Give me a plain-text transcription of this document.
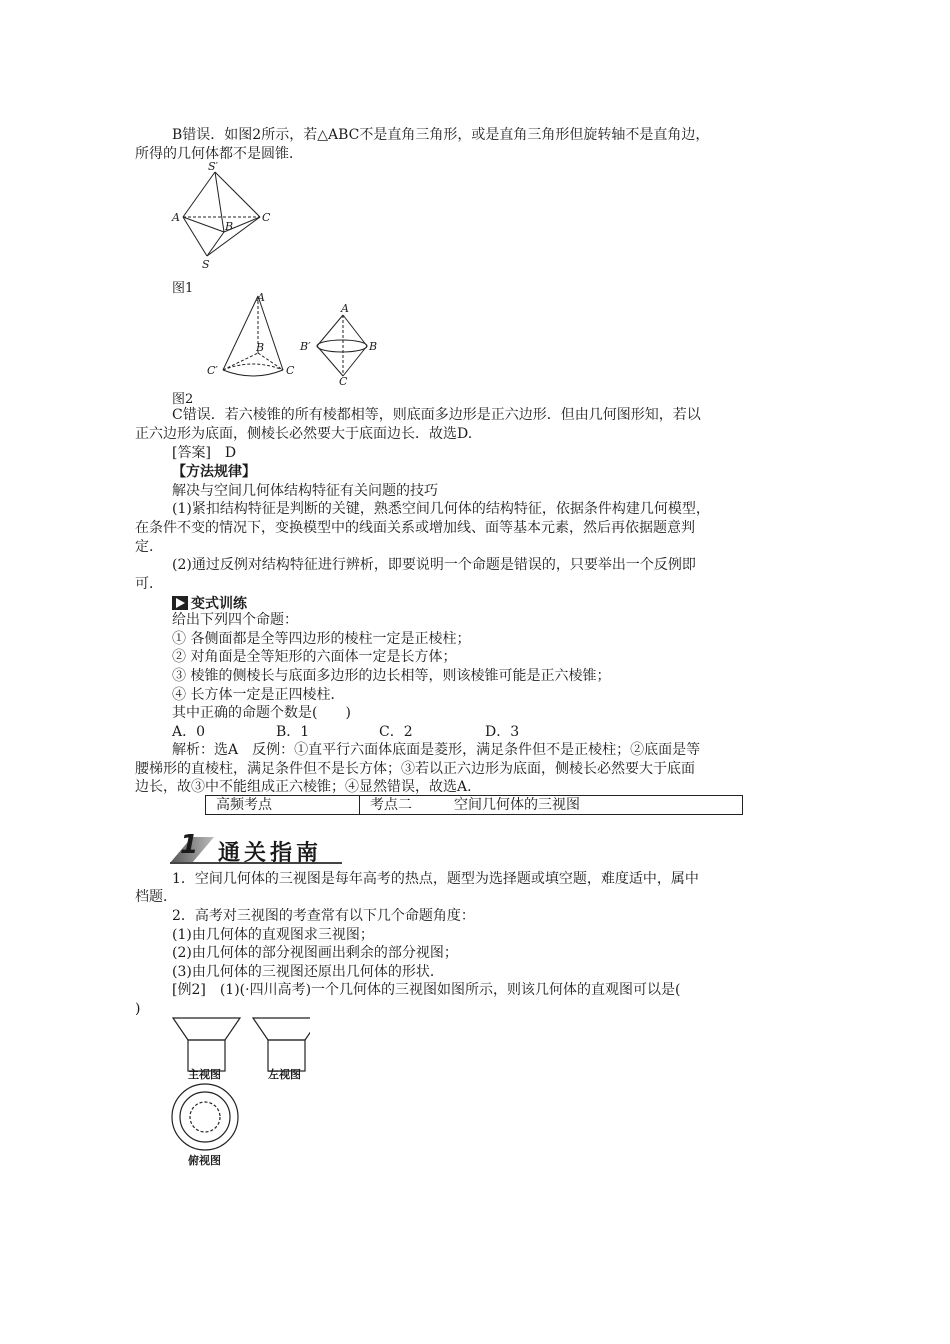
B错误．如图2所示，若△ABC不是直角三角形，或是直角三角形但旋转轴不是直角边，
所得的几何体都不是圆锥．
S′
A
B
C
S
图1
A
B
C′	C
A
B′	B
C
图2
C错误．若六棱锥的所有棱都相等，则底面多边形是正六边形．但由几何图形知，若以
正六边形为底面，侧棱长必然要大于底面边长．故选D.
[答案]　D
【方法规律】
解决与空间几何体结构特征有关问题的技巧
(1)紧扣结构特征是判断的关键，熟悉空间几何体的结构特征，依据条件构建几何模型，
在条件不变的情况下，变换模型中的线面关系或增加线、面等基本元素，然后再依据题意判
定.
(2)通过反例对结构特征进行辨析，即要说明一个命题是错误的，只要举出一个反例即
可．
变式训练
给出下列四个命题：
① 各侧面都是全等四边形的棱柱一定是正棱柱；
② 对角面是全等矩形的六面体一定是长方体；
③ 棱锥的侧棱长与底面多边形的边长相等，则该棱锥可能是正六棱锥；
④ 长方体一定是正四棱柱．
其中正确的命题个数是(　　)
A．0	B．1	C．2	D．3
解析：选A　反例：①直平行六面体底面是菱形，满足条件但不是正棱柱；②底面是等
腰梯形的直棱柱，满足条件但不是长方体；③若以正六边形为底面，侧棱长必然要大于底面
边长，故③中不能组成正六棱锥；④显然错误，故选A.
高频考点	考点二　　　空间几何体的三视图
1 通关指南
1．空间几何体的三视图是每年高考的热点，题型为选择题或填空题，难度适中，属中
档题．
2．高考对三视图的考查常有以下几个命题角度：
(1)由几何体的直观图求三视图；
(2)由几何体的部分视图画出剩余的部分视图；
(3)由几何体的三视图还原出几何体的形状．
[例2]　(1)(·四川高考)一个几何体的三视图如图所示，则该几何体的直观图可以是(
)
主视图	左视图
俯视图
